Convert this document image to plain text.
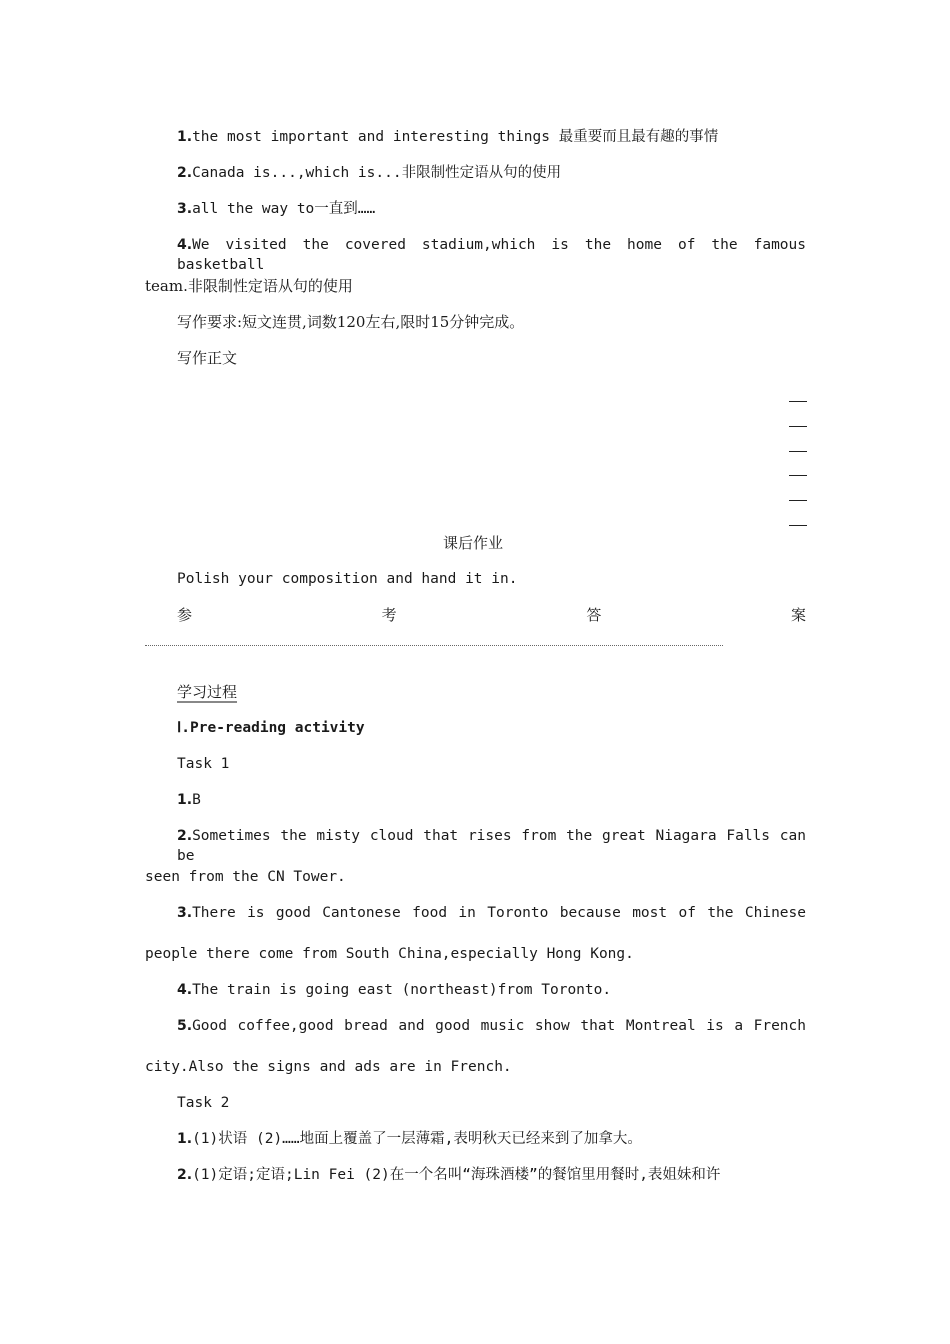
1.the most important and interesting things 最重要而且最有趣的事情
2.Canada is...,which is...非限制性定语从句的使用
3.all the way to一直到……
4.We visited the covered stadium,which is the home of the famous basketball
team.非限制性定语从句的使用
写作要求:短文连贯,词数120左右,限时15分钟完成。
写作正文
课后作业
Polish your composition and hand it in.
参	考	答	案
学习过程
Ⅰ.Pre-reading activity
Task 1
1.B
2.Sometimes the misty cloud that rises from the great Niagara Falls can be
seen from the CN Tower.
3.There is good Cantonese food in Toronto because most of the Chinese
people there come from South China,especially Hong Kong.
4.The train is going east (northeast)from Toronto.
5.Good coffee,good bread and good music show that Montreal is a French
city.Also the signs and ads are in French.
Task 2
1.(1)状语 (2)……地面上覆盖了一层薄霜,表明秋天已经来到了加拿大。
2.(1)定语;定语;Lin Fei (2)在一个名叫“海珠酒楼”的餐馆里用餐时,表姐妹和许
